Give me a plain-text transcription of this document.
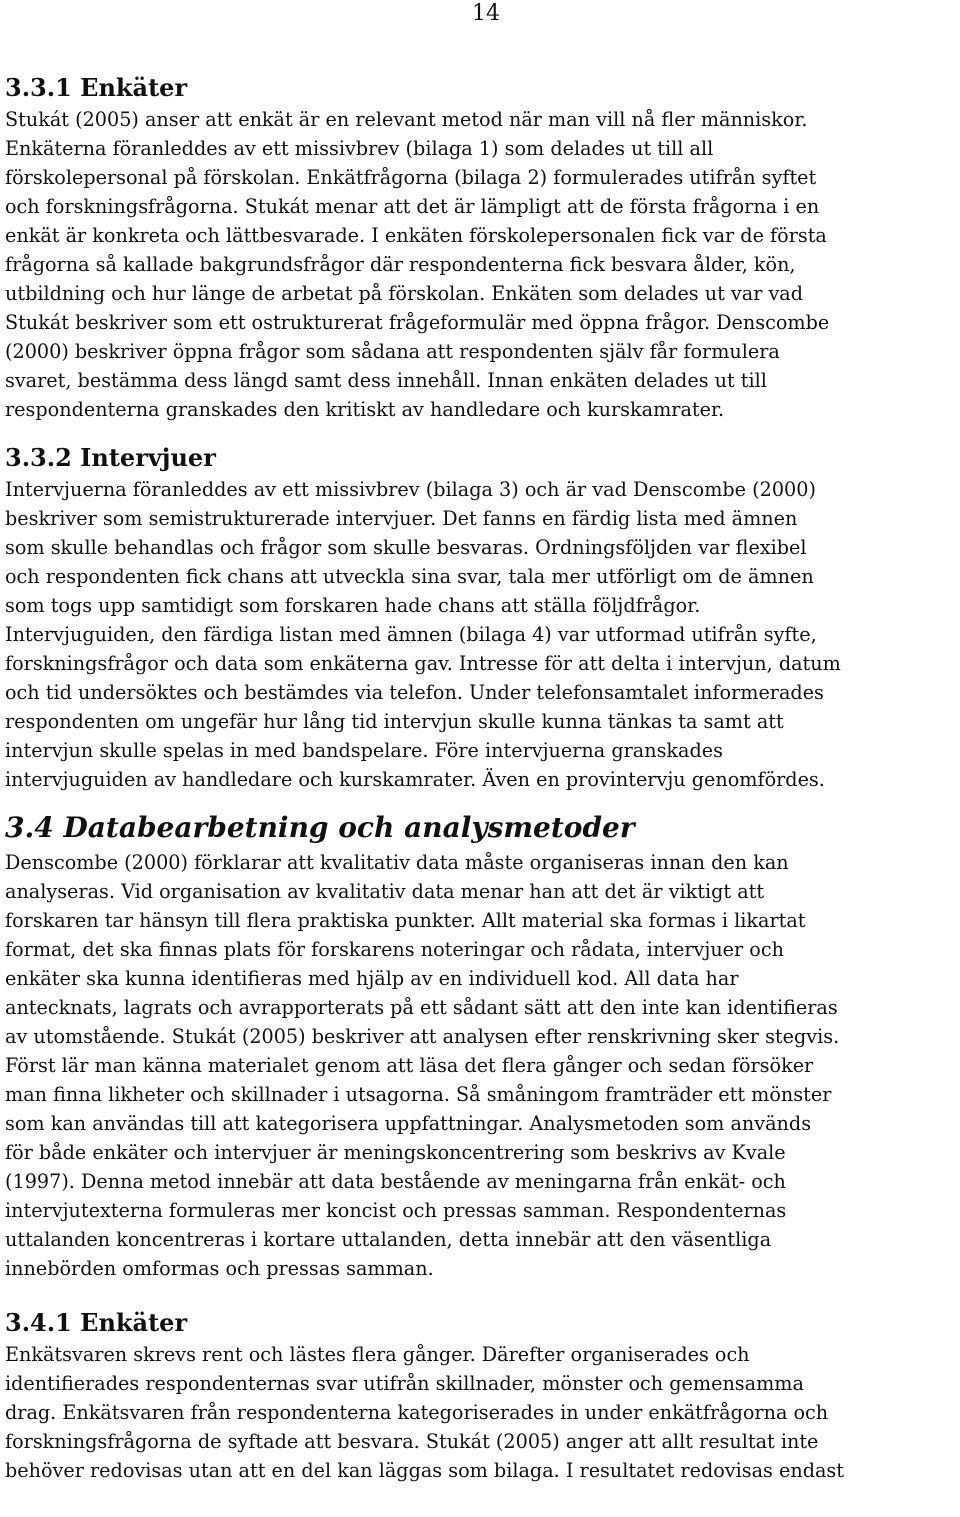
14
3.3.1 Enkäter

Stukát (2005) anser att enkät är en relevant metod när man vill nå fler människor.
Enkäterna föranleddes av ett missivbrev (bilaga 1) som delades ut till all
förskolepersonal på förskolan. Enkätfrågorna (bilaga 2) formulerades utifrån syftet
och forskningsfrågorna. Stukát menar att det är lämpligt att de första frågorna i en
enkät är konkreta och lättbesvarade. I enkäten förskolepersonalen fick var de första
frågorna så kallade bakgrundsfrågor där respondenterna fick besvara ålder, kön,
utbildning och hur länge de arbetat på förskolan. Enkäten som delades ut var vad
Stukát beskriver som ett ostrukturerat frågeformulär med öppna frågor. Denscombe
(2000) beskriver öppna frågor som sådana att respondenten själv får formulera
svaret, bestämma dess längd samt dess innehåll. Innan enkäten delades ut till
respondenterna granskades den kritiskt av handledare och kurskamrater.

3.3.2 Intervjuer

Intervjuerna föranleddes av ett missivbrev (bilaga 3) och är vad Denscombe (2000)
beskriver som semistrukturerade intervjuer. Det fanns en färdig lista med ämnen
som skulle behandlas och frågor som skulle besvaras. Ordningsföljden var flexibel
och respondenten fick chans att utveckla sina svar, tala mer utförligt om de ämnen
som togs upp samtidigt som forskaren hade chans att ställa följdfrågor.
Intervjuguiden, den färdiga listan med ämnen (bilaga 4) var utformad utifrån syfte,
forskningsfrågor och data som enkäterna gav. Intresse för att delta i intervjun, datum
och tid undersöktes och bestämdes via telefon. Under telefonsamtalet informerades
respondenten om ungefär hur lång tid intervjun skulle kunna tänkas ta samt att
intervjun skulle spelas in med bandspelare. Före intervjuerna granskades
intervjuguiden av handledare och kurskamrater. Även en provintervju genomfördes.

3.4 Databearbetning och analysmetoder

Denscombe (2000) förklarar att kvalitativ data måste organiseras innan den kan
analyseras. Vid organisation av kvalitativ data menar han att det är viktigt att
forskaren tar hänsyn till flera praktiska punkter. Allt material ska formas i likartat
format, det ska finnas plats för forskarens noteringar och rådata, intervjuer och
enkäter ska kunna identifieras med hjälp av en individuell kod. All data har
antecknats, lagrats och avrapporterats på ett sådant sätt att den inte kan identifieras
av utomstående. Stukát (2005) beskriver att analysen efter renskrivning sker stegvis.
Först lär man känna materialet genom att läsa det flera gånger och sedan försöker
man finna likheter och skillnader i utsagorna. Så småningom framträder ett mönster
som kan användas till att kategorisera uppfattningar. Analysmetoden som används
för både enkäter och intervjuer är meningskoncentrering som beskrivs av Kvale
(1997). Denna metod innebär att data bestående av meningarna från enkät- och
intervjutexterna formuleras mer koncist och pressas samman. Respondenternas
uttalanden koncentreras i kortare uttalanden, detta innebär att den väsentliga
innebörden omformas och pressas samman.

3.4.1 Enkäter

Enkätsvaren skrevs rent och lästes flera gånger. Därefter organiserades och
identifierades respondenternas svar utifrån skillnader, mönster och gemensamma
drag. Enkätsvaren från respondenterna kategoriserades in under enkätfrågorna och
forskningsfrågorna de syftade att besvara. Stukát (2005) anger att allt resultat inte
behöver redovisas utan att en del kan läggas som bilaga. I resultatet redovisas endast
